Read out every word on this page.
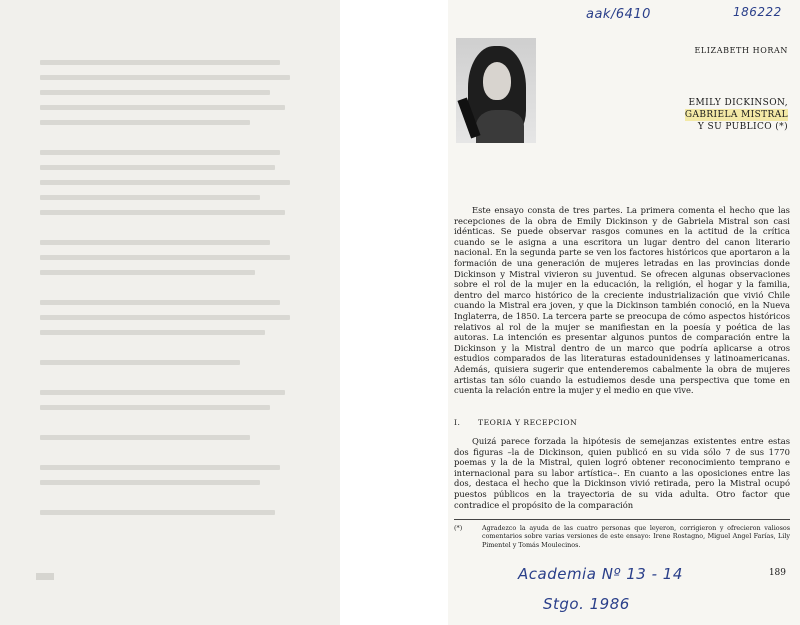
aak/6410	186222
ELIZABETH HORAN
EMILY DICKINSON,
GABRIELA MISTRAL
Y SU PUBLICO (*)

Este ensayo consta de tres partes. La primera comenta el hecho que las recepciones de la obra de Emily Dickinson y de Gabriela Mistral son casi idénticas. Se puede observar rasgos comunes en la actitud de la crítica cuando se le asigna a una escritora un lugar dentro del canon literario nacional. En la segunda parte se ven los factores históricos que aportaron a la formación de una generación de mujeres letradas en las provincias donde Dickinson y Mistral vivieron su juventud. Se ofrecen algunas observaciones sobre el rol de la mujer en la educación, la religión, el hogar y la familia, dentro del marco histórico de la creciente industrialización que vivió Chile cuando la Mistral era joven, y que la Dickinson también conoció, en la Nueva Inglaterra, de 1850. La tercera parte se preocupa de cómo aspectos históricos relativos al rol de la mujer se manifiestan en la poesía y poética de las autoras. La intención es presentar algunos puntos de comparación entre la Dickinson y la Mistral dentro de un marco que podría aplicarse a otros estudios comparados de las literaturas estadounidenses y latinoamericanas. Además, quisiera sugerir que entenderemos cabalmente la obra de mujeres artistas tan sólo cuando la estudiemos desde una perspectiva que tome en cuenta la relación entre la mujer y el medio en que vive.

I. TEORIA Y RECEPCION

Quizá parece forzada la hipótesis de semejanzas existentes entre estas dos figuras –la de Dickinson, quien publicó en su vida sólo 7 de sus 1770 poemas y la de la Mistral, quien logró obtener reconocimiento temprano e internacional para su labor artística–. En cuanto a las oposiciones entre las dos, destaca el hecho que la Dickinson vivió retirada, pero la Mistral ocupó puestos públicos en la trayectoria de su vida adulta. Otro factor que contradice el propósito de la comparación

(*)	Agradezco la ayuda de las cuatro personas que leyeron, corrigieron y ofrecieron valiosos comentarios sobre varias versiones de este ensayo: Irene Rostagno, Miguel Angel Farías, Lily Pimentel y Tomás Moulecinos.
Academia Nº 13 - 14
Stgo. 1986
189
